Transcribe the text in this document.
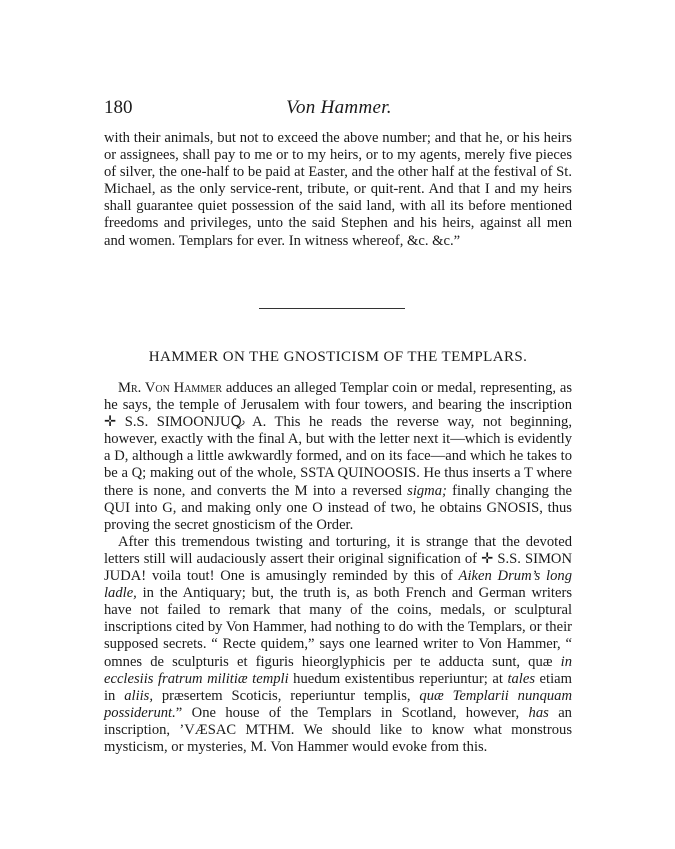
180	Von Hammer.

with their animals, but not to exceed the above number; and that he, or his heirs or assignees, shall pay to me or to my heirs, or to my agents, merely five pieces of silver, the one-half to be paid at Easter, and the other half at the festival of St. Michael, as the only service-rent, tribute, or quit-rent. And that I and my heirs shall guarantee quiet possession of the said land, with all its before mentioned freedoms and privileges, unto the said Stephen and his heirs, against all men and women. Templars for ever. In witness whereof, &c. &c.”

HAMMER ON THE GNOSTICISM OF THE TEMPLARS.

Mr. Von Hammer adduces an alleged Templar coin or medal, representing, as he says, the temple of Jerusalem with four towers, and bearing the inscription ✛ S.S. SIMOONJUꝘ A. This he reads the reverse way, not beginning, however, exactly with the final A, but with the letter next it—which is evidently a D, although a little awkwardly formed, and on its face—and which he takes to be a Q; making out of the whole, SSTA QUINOOSIS. He thus inserts a T where there is none, and converts the M into a reversed sigma; finally changing the QUI into G, and making only one O instead of two, he obtains GNOSIS, thus proving the secret gnosticism of the Order.

After this tremendous twisting and torturing, it is strange that the devoted letters still will audaciously assert their original signification of ✛ S.S. SIMON JUDA! voila tout! One is amusingly reminded by this of Aiken Drum’s long ladle, in the Antiquary; but, the truth is, as both French and German writers have not failed to remark that many of the coins, medals, or sculptural inscriptions cited by Von Hammer, had nothing to do with the Templars, or their supposed secrets. “ Recte quidem,” says one learned writer to Von Hammer, “ omnes de sculpturis et figuris hieorglyphicis per te adducta sunt, quæ in ecclesiis fratrum militiæ templi huedum existentibus reperiuntur; at tales etiam in aliis, præsertem Scoticis, reperiuntur templis, quæ Templarii nunquam possiderunt.” One house of the Templars in Scotland, however, has an inscription, ’VÆSAC MTHM. We should like to know what monstrous mysticism, or mysteries, M. Von Hammer would evoke from this.
